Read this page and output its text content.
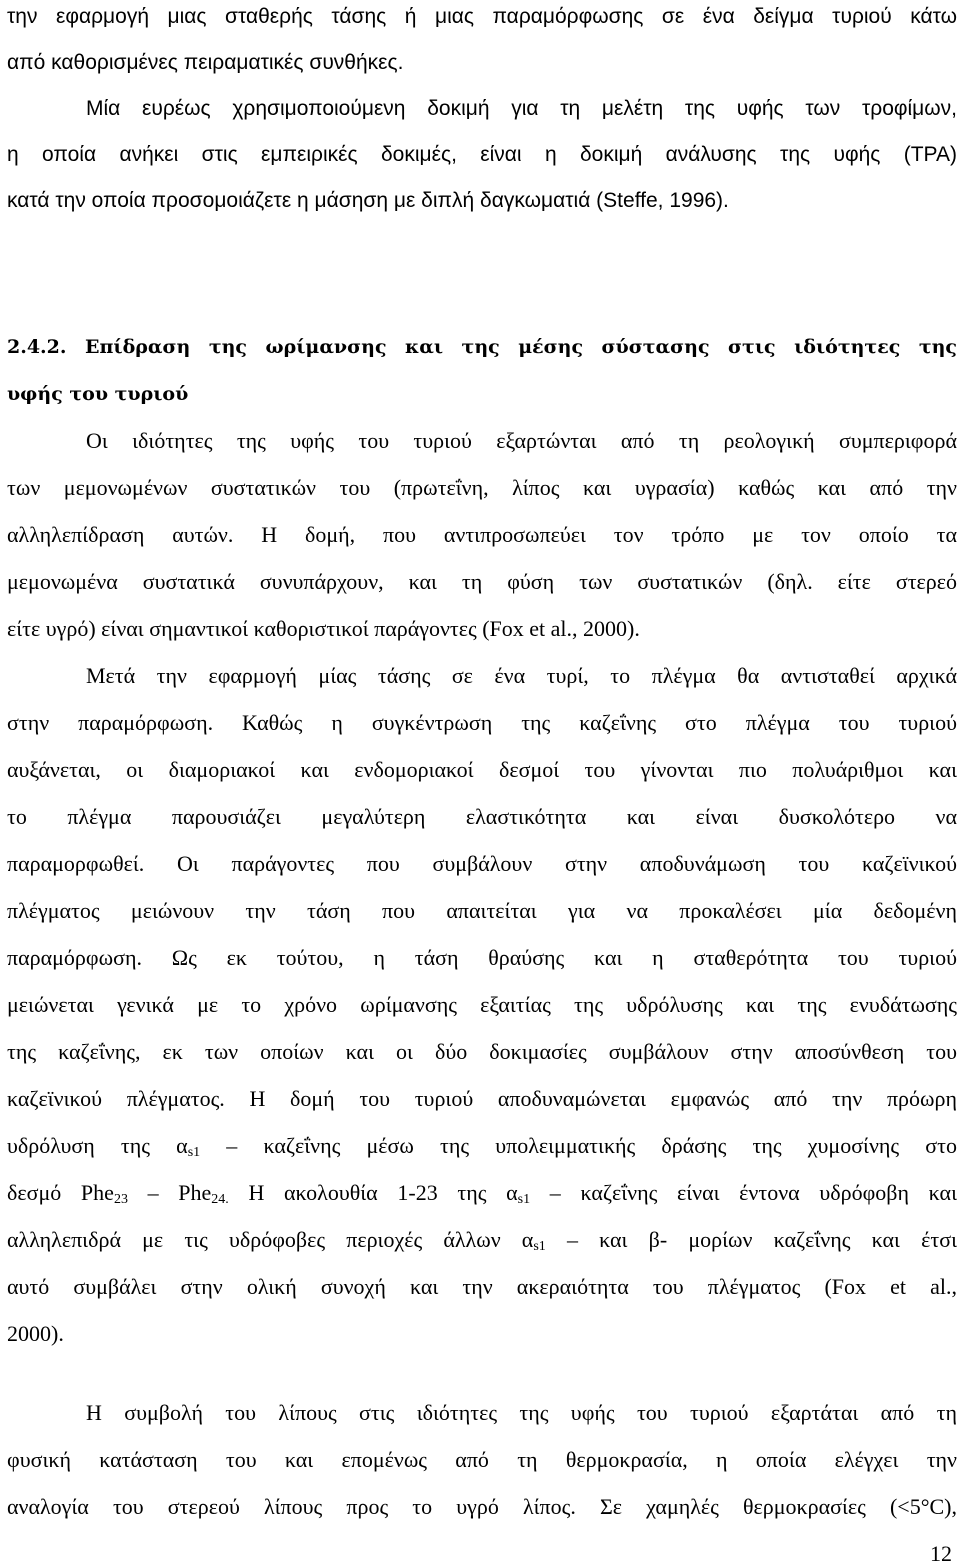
την εφαρμογή μιας σταθερής τάσης ή μιας παραμόρφωσης σε ένα δείγμα τυριού κάτω
από καθορισμένες πειραματικές συνθήκες.
Μία ευρέως χρησιμοποιούμενη δοκιμή για τη μελέτη της υφής των τροφίμων,
η οποία ανήκει στις εμπειρικές δοκιμές, είναι η δοκιμή ανάλυσης της υφής (TPA)
κατά την οποία προσομοιάζετε η μάσηση με διπλή δαγκωματιά (Steffe, 1996).
2.4.2. Επίδραση της ωρίμανσης και της μέσης σύστασης στις ιδιότητες της
υφής του τυριού
Οι ιδιότητες της υφής του τυριού εξαρτώνται από τη ρεολογική συμπεριφορά
των μεμονωμένων συστατικών του (πρωτεΐνη, λίπος και υγρασία) καθώς και από την
αλληλεπίδραση αυτών. Η δομή, που αντιπροσωπεύει τον τρόπο με τον οποίο τα
μεμονωμένα συστατικά συνυπάρχουν, και τη φύση των συστατικών (δηλ. είτε στερεό
είτε υγρό) είναι σημαντικοί καθοριστικοί παράγοντες (Fox et al., 2000).
Μετά την εφαρμογή μίας τάσης σε ένα τυρί, το πλέγμα θα αντισταθεί αρχικά
στην παραμόρφωση. Καθώς η συγκέντρωση της καζεΐνης στο πλέγμα του τυριού
αυξάνεται, οι διαμοριακοί και ενδομοριακοί δεσμοί του γίνονται πιο πολυάριθμοι και
το πλέγμα παρουσιάζει μεγαλύτερη ελαστικότητα και είναι δυσκολότερο να
παραμορφωθεί. Οι παράγοντες που συμβάλουν στην αποδυνάμωση του καζεϊνικού
πλέγματος μειώνουν την τάση που απαιτείται για να προκαλέσει μία δεδομένη
παραμόρφωση. Ως εκ τούτου, η τάση θραύσης και η σταθερότητα του τυριού
μειώνεται γενικά με το χρόνο ωρίμανσης εξαιτίας της υδρόλυσης και της ενυδάτωσης
της καζεΐνης, εκ των οποίων και οι δύο δοκιμασίες συμβάλουν στην αποσύνθεση του
καζεϊνικού πλέγματος. Η δομή του τυριού αποδυναμώνεται εμφανώς από την πρόωρη
υδρόλυση της $\alpha_{s1}$ – καζεΐνης μέσω της υπολειμματικής δράσης της χυμοσίνης στο
δεσμό Phe$_{23}$ – Phe$_{24.}$ Η ακολουθία 1-23 της $\alpha_{s1}$ – καζεΐνης είναι έντονα υδρόφοβη και
αλληλεπιδρά με τις υδρόφοβες περιοχές άλλων $\alpha_{s1}$ – και β- μορίων καζεΐνης και έτσι
αυτό συμβάλει στην ολική συνοχή και την ακεραιότητα του πλέγματος (Fox et al.,
2000).
Η συμβολή του λίπους στις ιδιότητες της υφής του τυριού εξαρτάται από τη
φυσική κατάσταση του και επομένως από τη θερμοκρασία, η οποία ελέγχει την
αναλογία του στερεού λίπους προς το υγρό λίπος. Σε χαμηλές θερμοκρασίες (<5°C),
12
